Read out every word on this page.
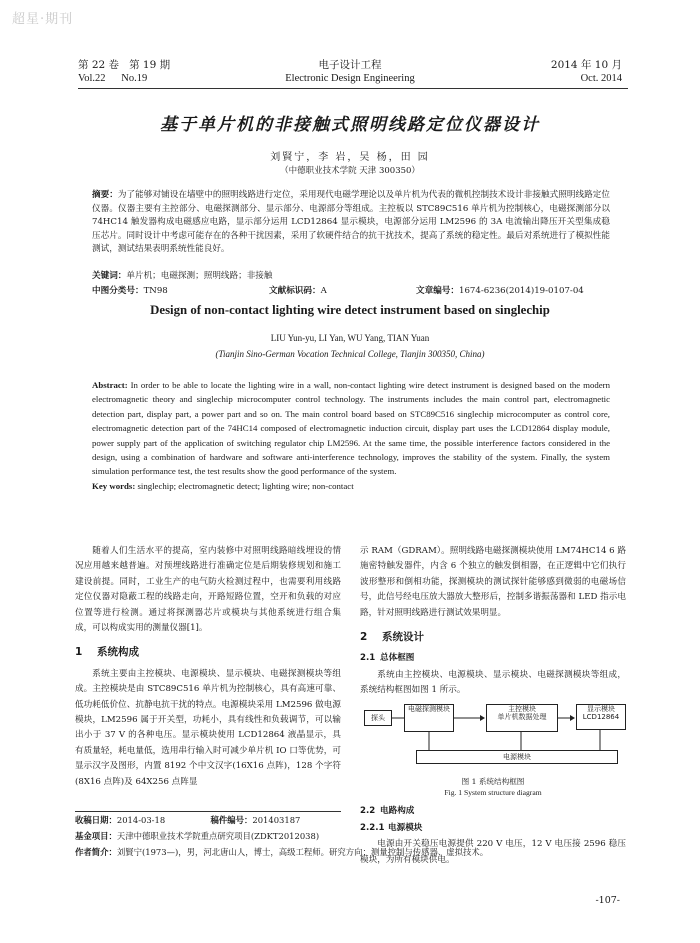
超星·期刊
第 22 卷 第 19 期
Vol.22 No.19
电子设计工程
Electronic Design Engineering
2014 年 10 月
Oct. 2014
基于单片机的非接触式照明线路定位仪器设计
刘賢宁，李 岩，吴 杨，田 园
（中德职业技术学院 天津 300350）
摘要：为了能够对铺设在墙壁中的照明线路进行定位，采用现代电磁学理论以及单片机为代表的微机控制技术设计非接触式照明线路定位仪器。仪器主要有主控部分、电磁探测部分、显示部分、电源部分等组成。主控板以 STC89C516 单片机为控制核心，电磁探测部分以 74HC14 触发器构成电磁感应电路，显示部分运用 LCD12864 显示模块，电源部分运用 LM2596 的 3A 电流输出降压开关型集成稳压芯片。同时设计中考虑可能存在的各种干扰因素，采用了软硬件结合的抗干扰技术，提高了系统的稳定性。最后对系统进行了模拟性能测试，测试结果表明系统性能良好。
关键词：单片机；电磁探测；照明线路；非接触
中图分类号：TN98	文献标识码：A	文章编号：1674-6236(2014)19-0107-04
Design of non-contact lighting wire detect instrument based on singlechip
LIU Yun-yu, LI Yan, WU Yang, TIAN Yuan
(Tianjin Sino-German Vocation Technical College, Tianjin 300350, China)
Abstract: In order to be able to locate the lighting wire in a wall, non-contact lighting wire detect instrument is designed based on the modern electromagnetic theory and singlechip microcomputer control technology. The instruments includes the main control part, electromagnetic detection part, display part, a power part and so on. The main control board based on STC89C516 singlechip microcomputer as control core, electromagnetic detection part of the 74HC14 composed of electromagnetic induction circuit, display part uses the LCD12864 display module, power supply part of the application of switching regulator chip LM2596. At the same time, the possible interference factors considered in the design, using a combination of hardware and software anti-interference technology, improves the stability of the system. Finally, the system simulation performance test, the test results show the good performance of the system.
Key words: singlechip; electromagnetic detect; lighting wire; non-contact

随着人们生活水平的提高，室内装修中对照明线路暗线埋设的情况应用越来越普遍。对预埋线路进行准确定位是后期装修规划和施工建设前提。同时，工业生产的电气防火检测过程中，也需要利用线路定位仪器对隐蔽工程的线路走向，开路短路位置，空开和负载的对应位置等进行检测。通过将探测器芯片或模块与其他系统进行组合集成，可以构成实用的测量仪器[1]。

1 系统构成

系统主要由主控模块、电源模块、显示模块、电磁探测模块等组成。主控模块是由 STC89C516 单片机为控制核心，具有高速可靠、低功耗低价位、抗静电抗干扰的特点。电源模块采用 LM2596 做电源模块，LM2596 属于开关型，功耗小，具有线性和负载调节，可以输出小于 37 V 的各种电压。显示模块使用 LCD12864 液晶显示，具有质量轻，耗电量低，选用串行输入时可减少单片机 IO 口等优势，可显示汉字及图形，内置 8192 个中文汉字(16X16 点阵)，128 个字符(8X16 点阵)及 64X256 点阵显

示 RAM（GDRAM）。照明线路电磁探测模块使用 LM74HC14 6 路施密特触发器件，内含 6 个独立的触发倒相器，在正逻辑中它们执行波形整形和倒相功能，探测模块的测试探针能够感到微弱的电磁场信号，此信号经电压放大器放大整形后，控制多谐振荡器和 LED 指示电路，针对照明线路进行测试效果明显。

2 系统设计
2.1 总体框图

系统由主控模块、电源模块、显示模块、电磁探测模块等组成，系统结构框图如图 1 所示。

探头
电磁探测模块	主控模块
单片机数据处理
显示模块
LCD12864
电源模块
图 1 系统结构框图
Fig. 1 System structure diagram
2.2 电路构成
2.2.1 电源模块

电源由开关稳压电源提供 220 V 电压，12 V 电压接 2596 稳压模块，为所有模块供电。

收稿日期：2014-03-18	稿件编号：201403187
基金项目：天津中德职业技术学院重点研究项目(ZDKT2012038)
作者简介：刘賢宁(1973—)，男，河北唐山人，博士，高级工程师。研究方向：测量控制与传感器、虚拟技术。
-107-
